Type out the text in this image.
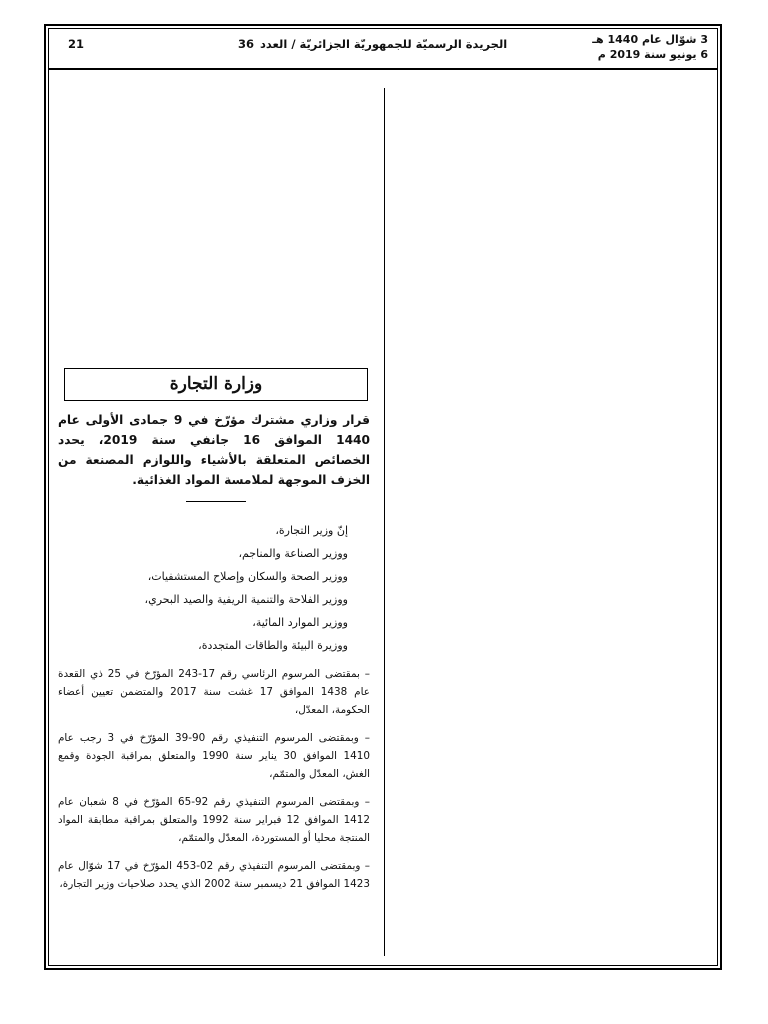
3 شوّال عام 1440 هـ
6 يونيو سنة 2019 م
الجريدة الرسميّة للجمهوريّة الجزائريّة / العدد36
21
وزارة التجارة
قرار وزاري مشترك مؤرّخ في 9 جمادى الأولى عام 1440 الموافق 16 جانفي سنة 2019، يحدد الخصائص المتعلقة بالأشياء واللوازم المصنعة من الخزف الموجهة لملامسة المواد الغذائية.
إنّ وزير التجارة،
ووزير الصناعة والمناجم،
ووزير الصحة والسكان وإصلاح المستشفيات،
ووزير الفلاحة والتنمية الريفية والصيد البحري،
ووزير الموارد المائية،
ووزيرة البيئة والطاقات المتجددة،

– بمقتضى المرسوم الرئاسي رقم 17-243 المؤرّخ في 25 ذي القعدة عام 1438 الموافق 17 غشت سنة 2017 والمتضمن تعيين أعضاء الحكومة، المعدّل،

– وبمقتضى المرسوم التنفيذي رقم 90-39 المؤرّخ في 3 رجب عام 1410 الموافق 30 يناير سنة 1990 والمتعلق بمراقبة الجودة وقمع الغش، المعدّل والمتمّم،

– وبمقتضى المرسوم التنفيذي رقم 92-65 المؤرّخ في 8 شعبان عام 1412 الموافق 12 فبراير سنة 1992 والمتعلق بمراقبة مطابقة المواد المنتجة محليا أو المستوردة، المعدّل والمتمّم،

– وبمقتضى المرسوم التنفيذي رقم 02-453 المؤرّخ في 17 شوّال عام 1423 الموافق 21 ديسمبر سنة 2002 الذي يحدد صلاحيات وزير التجارة،
